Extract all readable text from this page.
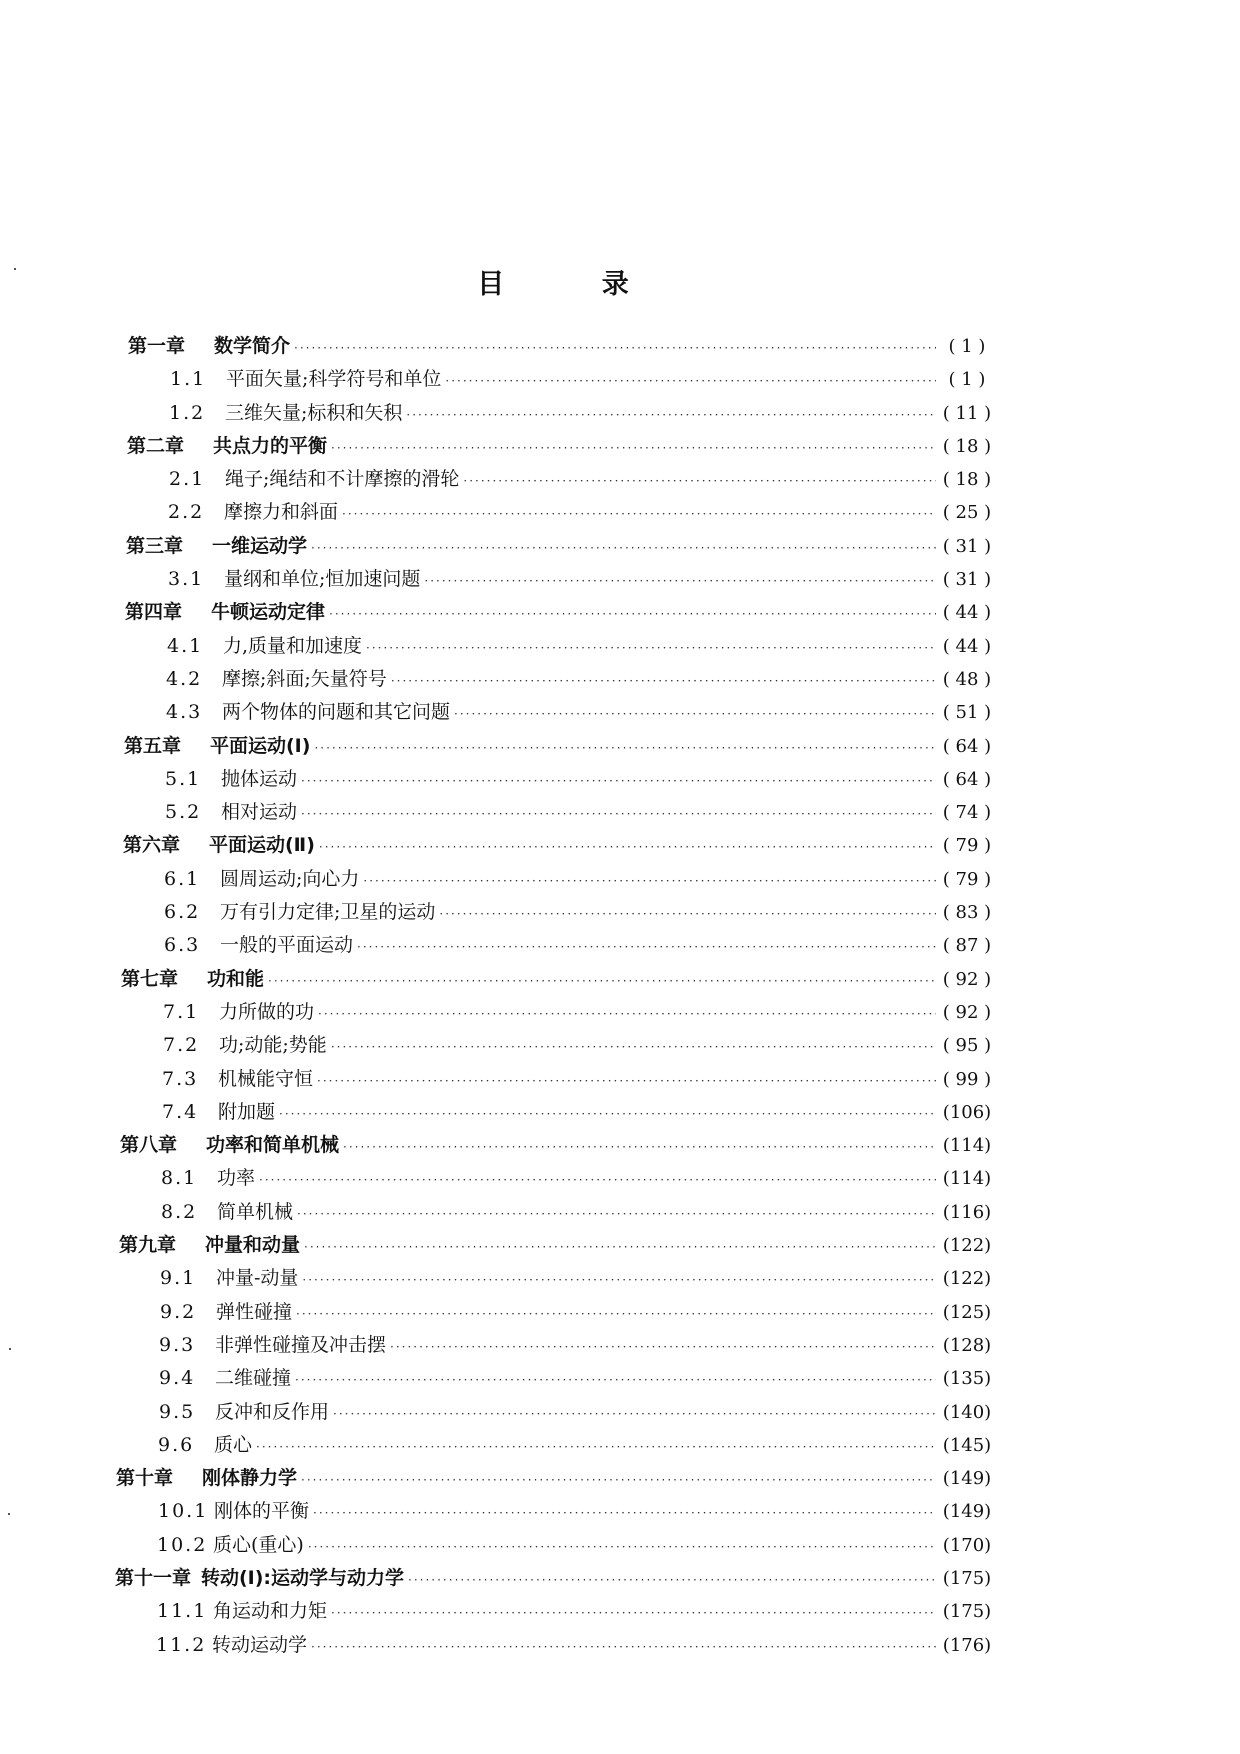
目 录
第一章	数学简介 ·····	( 1 )
1.1	平面矢量;科学符号和单位 ·····	( 1 )
1.2	三维矢量;标积和矢积 ·····	( 11 )
第二章	共点力的平衡 ·····	( 18 )
2.1	绳子;绳结和不计摩擦的滑轮 ·····	( 18 )
2.2	摩擦力和斜面 ·····	( 25 )
第三章	一维运动学 ·····	( 31 )
3.1	量纲和单位;恒加速问题 ·····	( 31 )
第四章	牛顿运动定律 ·····	( 44 )
4.1	力,质量和加速度 ·····	( 44 )
4.2	摩擦;斜面;矢量符号 ·····	( 48 )
4.3	两个物体的问题和其它问题 ·····	( 51 )
第五章	平面运动(Ⅰ) ·····	( 64 )
5.1	抛体运动 ·····	( 64 )
5.2	相对运动 ·····	( 74 )
第六章	平面运动(Ⅱ) ·····	( 79 )
6.1	圆周运动;向心力 ·····	( 79 )
6.2	万有引力定律;卫星的运动 ·····	( 83 )
6.3	一般的平面运动 ·····	( 87 )
第七章	功和能 ·····	( 92 )
7.1	力所做的功 ·····	( 92 )
7.2	功;动能;势能 ·····	( 95 )
7.3	机械能守恒 ·····	( 99 )
7.4	附加题 ·····	(106)
第八章	功率和简单机械 ·····	(114)
8.1	功率 ·····	(114)
8.2	简单机械 ·····	(116)
第九章	冲量和动量 ·····	(122)
9.1	冲量-动量 ·····	(122)
9.2	弹性碰撞 ·····	(125)
9.3	非弹性碰撞及冲击摆 ·····	(128)
9.4	二维碰撞 ·····	(135)
9.5	反冲和反作用 ·····	(140)
9.6	质心 ·····	(145)
第十章	刚体静力学 ·····	(149)
10.1 刚体的平衡 ·····	(149)
10.2 质心(重心) ·····	(170)
第十一章 转动(Ⅰ):运动学与动力学 ·····	(175)
11.1 角运动和力矩 ·····	(175)
11.2 转动运动学 ·····	(176)
